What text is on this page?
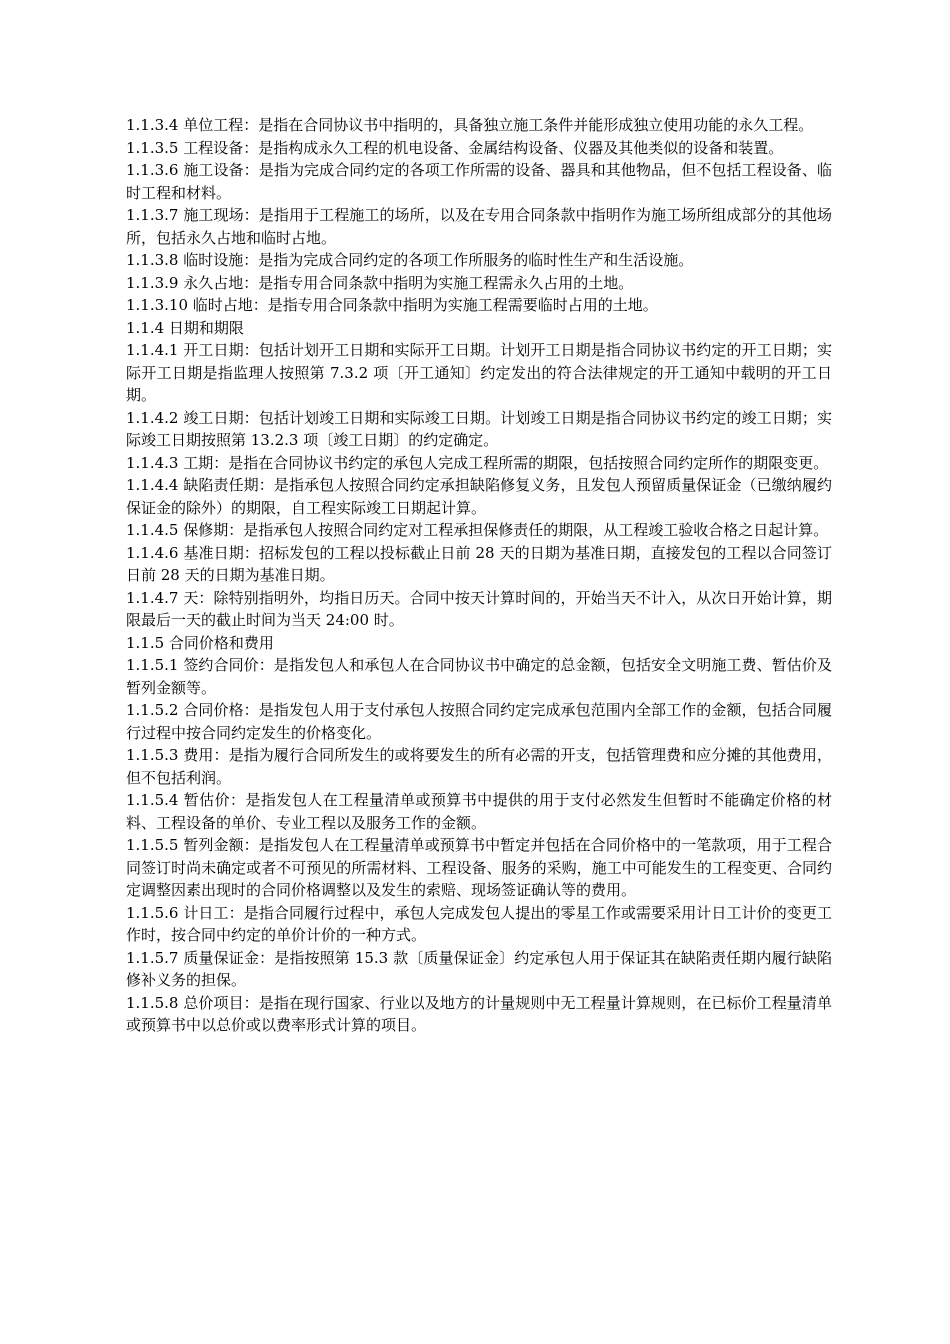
1.1.3.4 单位工程：是指在合同协议书中指明的，具备独立施工条件并能形成独立使用功能的永久工程。

1.1.3.5 工程设备：是指构成永久工程的机电设备、金属结构设备、仪器及其他类似的设备和装置。

1.1.3.6 施工设备：是指为完成合同约定的各项工作所需的设备、器具和其他物品，但不包括工程设备、临时工程和材料。

1.1.3.7 施工现场：是指用于工程施工的场所，以及在专用合同条款中指明作为施工场所组成部分的其他场所，包括永久占地和临时占地。

1.1.3.8 临时设施：是指为完成合同约定的各项工作所服务的临时性生产和生活设施。

1.1.3.9 永久占地：是指专用合同条款中指明为实施工程需永久占用的土地。

1.1.3.10 临时占地：是指专用合同条款中指明为实施工程需要临时占用的土地。

1.1.4 日期和期限

1.1.4.1 开工日期：包括计划开工日期和实际开工日期。计划开工日期是指合同协议书约定的开工日期；实际开工日期是指监理人按照第 7.3.2 项〔开工通知〕约定发出的符合法律规定的开工通知中载明的开工日期。

1.1.4.2 竣工日期：包括计划竣工日期和实际竣工日期。计划竣工日期是指合同协议书约定的竣工日期；实际竣工日期按照第 13.2.3 项〔竣工日期〕的约定确定。

1.1.4.3 工期：是指在合同协议书约定的承包人完成工程所需的期限，包括按照合同约定所作的期限变更。

1.1.4.4 缺陷责任期：是指承包人按照合同约定承担缺陷修复义务，且发包人预留质量保证金（已缴纳履约保证金的除外）的期限，自工程实际竣工日期起计算。

1.1.4.5 保修期：是指承包人按照合同约定对工程承担保修责任的期限，从工程竣工验收合格之日起计算。

1.1.4.6 基准日期：招标发包的工程以投标截止日前 28 天的日期为基准日期，直接发包的工程以合同签订日前 28 天的日期为基准日期。

1.1.4.7 天：除特别指明外，均指日历天。合同中按天计算时间的，开始当天不计入，从次日开始计算，期限最后一天的截止时间为当天 24:00 时。

1.1.5 合同价格和费用

1.1.5.1 签约合同价：是指发包人和承包人在合同协议书中确定的总金额，包括安全文明施工费、暂估价及暂列金额等。

1.1.5.2 合同价格：是指发包人用于支付承包人按照合同约定完成承包范围内全部工作的金额，包括合同履行过程中按合同约定发生的价格变化。

1.1.5.3 费用：是指为履行合同所发生的或将要发生的所有必需的开支，包括管理费和应分摊的其他费用，但不包括利润。

1.1.5.4 暂估价：是指发包人在工程量清单或预算书中提供的用于支付必然发生但暂时不能确定价格的材料、工程设备的单价、专业工程以及服务工作的金额。

1.1.5.5 暂列金额：是指发包人在工程量清单或预算书中暂定并包括在合同价格中的一笔款项，用于工程合同签订时尚未确定或者不可预见的所需材料、工程设备、服务的采购，施工中可能发生的工程变更、合同约定调整因素出现时的合同价格调整以及发生的索赔、现场签证确认等的费用。

1.1.5.6 计日工：是指合同履行过程中，承包人完成发包人提出的零星工作或需要采用计日工计价的变更工作时，按合同中约定的单价计价的一种方式。

1.1.5.7 质量保证金：是指按照第 15.3 款〔质量保证金〕约定承包人用于保证其在缺陷责任期内履行缺陷修补义务的担保。

1.1.5.8 总价项目：是指在现行国家、行业以及地方的计量规则中无工程量计算规则，在已标价工程量清单或预算书中以总价或以费率形式计算的项目。
